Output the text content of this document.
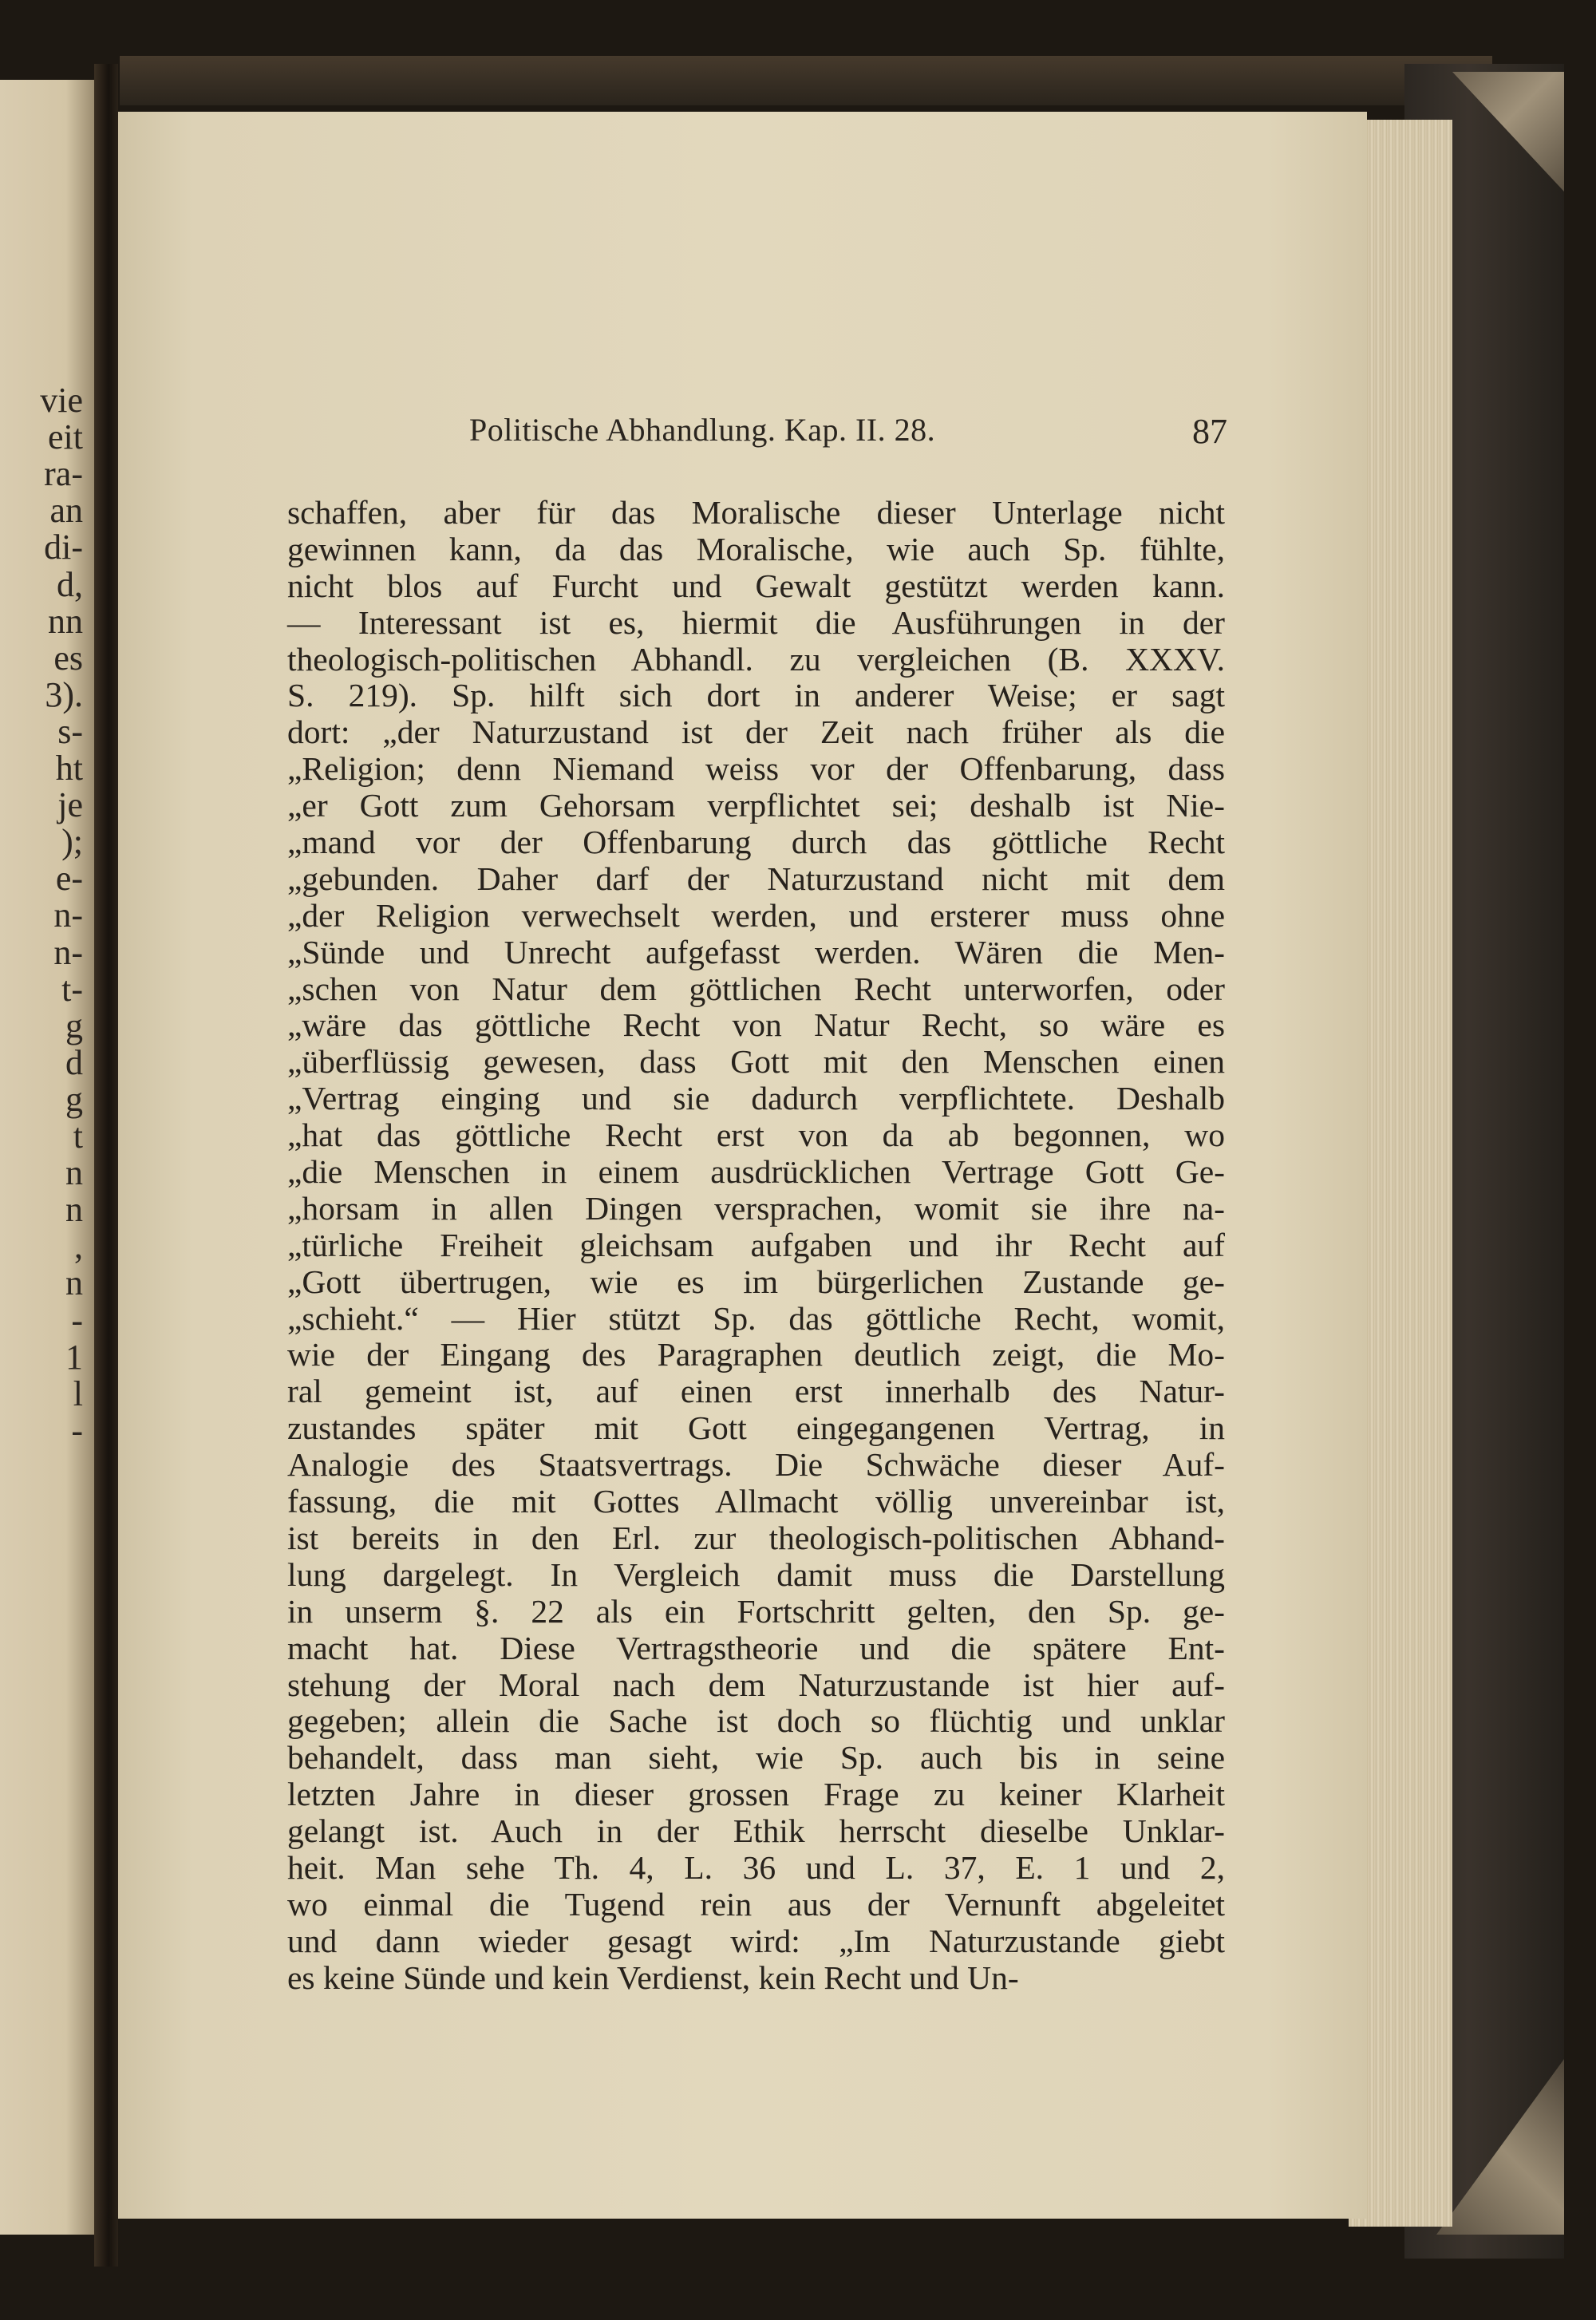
vie
eit
ra-
an
di-
d,
nn
es
3).
s-
ht
je
);
e-
n-
n-
t-
g
d
g
t
n
n
,
n
-
1
l
-
Politische Abhandlung. Kap. II. 28.	87
schaffen, aber für das Moralische dieser Unterlage nicht
gewinnen kann, da das Moralische, wie auch Sp. fühlte,
nicht blos auf Furcht und Gewalt gestützt werden kann.
— Interessant ist es, hiermit die Ausführungen in der
theologisch-politischen Abhandl. zu vergleichen (B. XXXV.
S. 219). Sp. hilft sich dort in anderer Weise; er sagt
dort: „der Naturzustand ist der Zeit nach früher als die
„Religion; denn Niemand weiss vor der Offenbarung, dass
„er Gott zum Gehorsam verpflichtet sei; deshalb ist Nie-
„mand vor der Offenbarung durch das göttliche Recht
„gebunden. Daher darf der Naturzustand nicht mit dem
„der Religion verwechselt werden, und ersterer muss ohne
„Sünde und Unrecht aufgefasst werden. Wären die Men-
„schen von Natur dem göttlichen Recht unterworfen, oder
„wäre das göttliche Recht von Natur Recht, so wäre es
„überflüssig gewesen, dass Gott mit den Menschen einen
„Vertrag einging und sie dadurch verpflichtete. Deshalb
„hat das göttliche Recht erst von da ab begonnen, wo
„die Menschen in einem ausdrücklichen Vertrage Gott Ge-
„horsam in allen Dingen versprachen, womit sie ihre na-
„türliche Freiheit gleichsam aufgaben und ihr Recht auf
„Gott übertrugen, wie es im bürgerlichen Zustande ge-
„schieht.“ — Hier stützt Sp. das göttliche Recht, womit,
wie der Eingang des Paragraphen deutlich zeigt, die Mo-
ral gemeint ist, auf einen erst innerhalb des Natur-
zustandes später mit Gott eingegangenen Vertrag, in
Analogie des Staatsvertrags. Die Schwäche dieser Auf-
fassung, die mit Gottes Allmacht völlig unvereinbar ist,
ist bereits in den Erl. zur theologisch-politischen Abhand-
lung dargelegt. In Vergleich damit muss die Darstellung
in unserm §. 22 als ein Fortschritt gelten, den Sp. ge-
macht hat. Diese Vertragstheorie und die spätere Ent-
stehung der Moral nach dem Naturzustande ist hier auf-
gegeben; allein die Sache ist doch so flüchtig und unklar
behandelt, dass man sieht, wie Sp. auch bis in seine
letzten Jahre in dieser grossen Frage zu keiner Klarheit
gelangt ist. Auch in der Ethik herrscht dieselbe Unklar-
heit. Man sehe Th. 4, L. 36 und L. 37, E. 1 und 2,
wo einmal die Tugend rein aus der Vernunft abgeleitet
und dann wieder gesagt wird: „Im Naturzustande giebt
es keine Sünde und kein Verdienst, kein Recht und Un-
